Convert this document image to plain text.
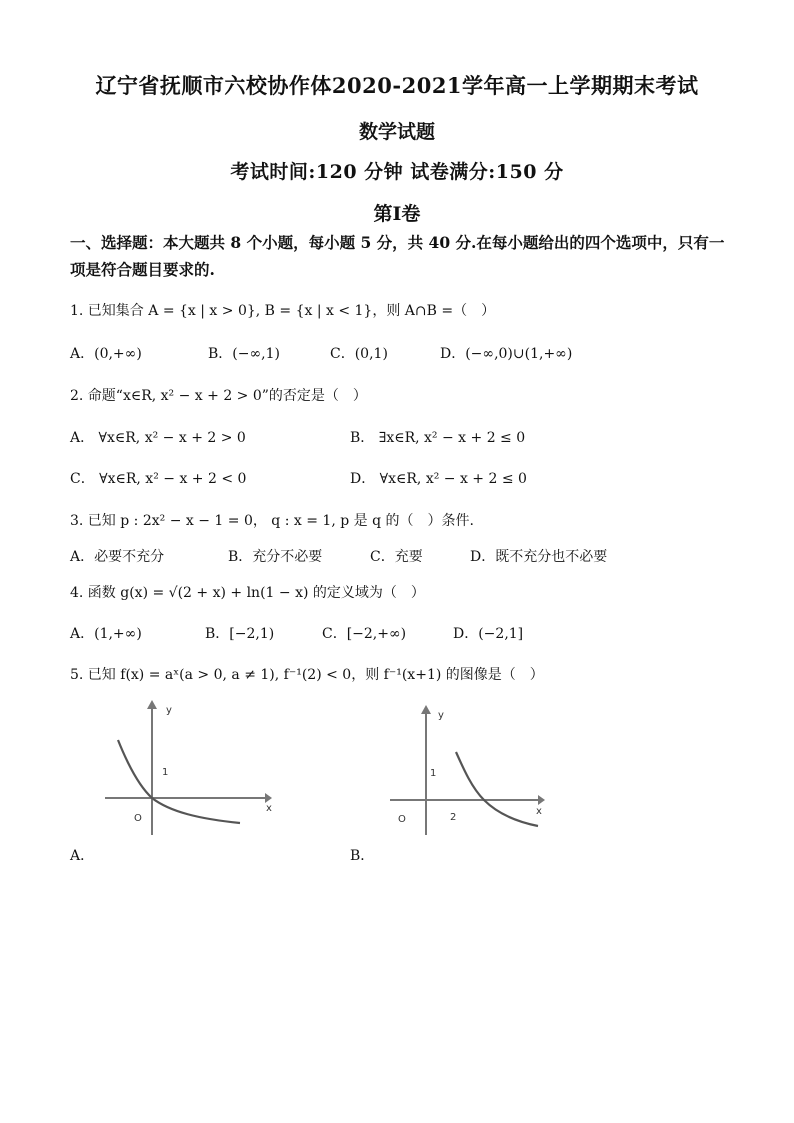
辽宁省抚顺市六校协作体2020-2021学年高一上学期期末考试
数学试题
考试时间:120 分钟 试卷满分:150 分
第Ⅰ卷
一、选择题：本大题共 8 个小题，每小题 5 分，共 40 分.在每小题给出的四个选项中，只有一项是符合题目要求的.
1. 已知集合 A = {x | x > 0}, B = {x | x < 1}，则 A∩B =（　）
A．(0,+∞)	B．(−∞,1)	C．(0,1)	D．(−∞,0)∪(1,+∞)
2. 命题“x∈R, x² − x + 2 > 0”的否定是（　）
A． ∀x∈R, x² − x + 2 > 0	B． ∃x∈R, x² − x + 2 ≤ 0
C． ∀x∈R, x² − x + 2 < 0	D． ∀x∈R, x² − x + 2 ≤ 0
3. 已知 p : 2x² − x − 1 = 0， q : x = 1, p 是 q 的（　）条件.
A．必要不充分	B．充分不必要	C．充要	D．既不充分也不必要
4. 函数 g(x) = √(2 + x) + ln(1 − x) 的定义域为（　）
A．(1,+∞)	B．[−2,1)	C．[−2,+∞)	D．(−2,1]
5. 已知 f(x) = aˣ(a > 0, a ≠ 1), f⁻¹(2) < 0，则 f⁻¹(x+1) 的图像是（　）
y
x
O
1
A．
y
x
O	2
1
B．
